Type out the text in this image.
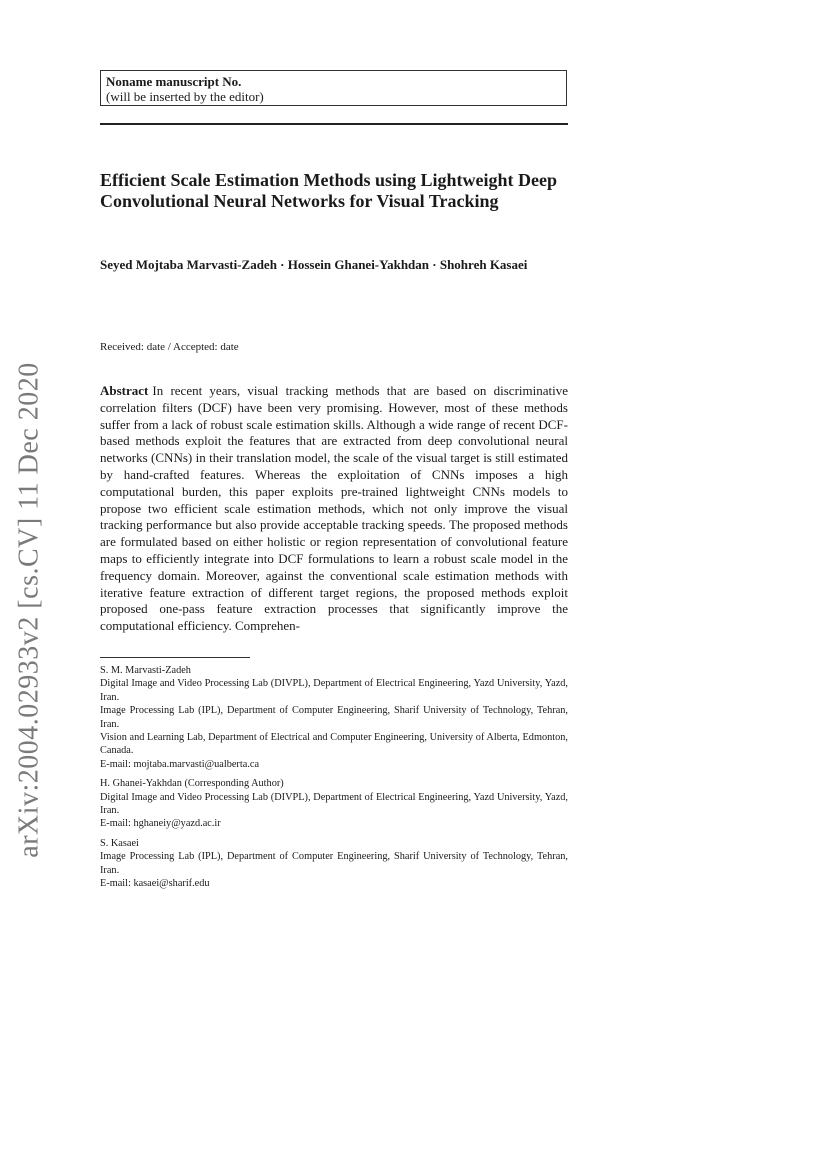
arXiv:2004.02933v2 [cs.CV] 11 Dec 2020
Noname manuscript No.
(will be inserted by the editor)
Efficient Scale Estimation Methods using Lightweight Deep Convolutional Neural Networks for Visual Tracking
Seyed Mojtaba Marvasti-Zadeh · Hossein Ghanei-Yakhdan · Shohreh Kasaei
Received: date / Accepted: date

Abstract In recent years, visual tracking methods that are based on discriminative correlation filters (DCF) have been very promising. However, most of these methods suffer from a lack of robust scale estimation skills. Although a wide range of recent DCF-based methods exploit the features that are extracted from deep convolutional neural networks (CNNs) in their translation model, the scale of the visual target is still estimated by hand-crafted features. Whereas the exploitation of CNNs imposes a high computational burden, this paper exploits pre-trained lightweight CNNs models to propose two efficient scale estimation methods, which not only improve the visual tracking performance but also provide acceptable tracking speeds. The proposed methods are formulated based on either holistic or region representation of convolutional feature maps to efficiently integrate into DCF formulations to learn a robust scale model in the frequency domain. Moreover, against the conventional scale estimation methods with iterative feature extraction of different target regions, the proposed methods exploit proposed one-pass feature extraction processes that significantly improve the computational efficiency. Comprehen-

S. M. Marvasti-Zadeh
Digital Image and Video Processing Lab (DIVPL), Department of Electrical Engineering, Yazd University, Yazd, Iran.
Image Processing Lab (IPL), Department of Computer Engineering, Sharif University of Technology, Tehran, Iran.
Vision and Learning Lab, Department of Electrical and Computer Engineering, University of Alberta, Edmonton, Canada.
E-mail: mojtaba.marvasti@ualberta.ca
H. Ghanei-Yakhdan (Corresponding Author)
Digital Image and Video Processing Lab (DIVPL), Department of Electrical Engineering, Yazd University, Yazd, Iran.
E-mail: hghaneiy@yazd.ac.ir
S. Kasaei
Image Processing Lab (IPL), Department of Computer Engineering, Sharif University of Technology, Tehran, Iran.
E-mail: kasaei@sharif.edu
